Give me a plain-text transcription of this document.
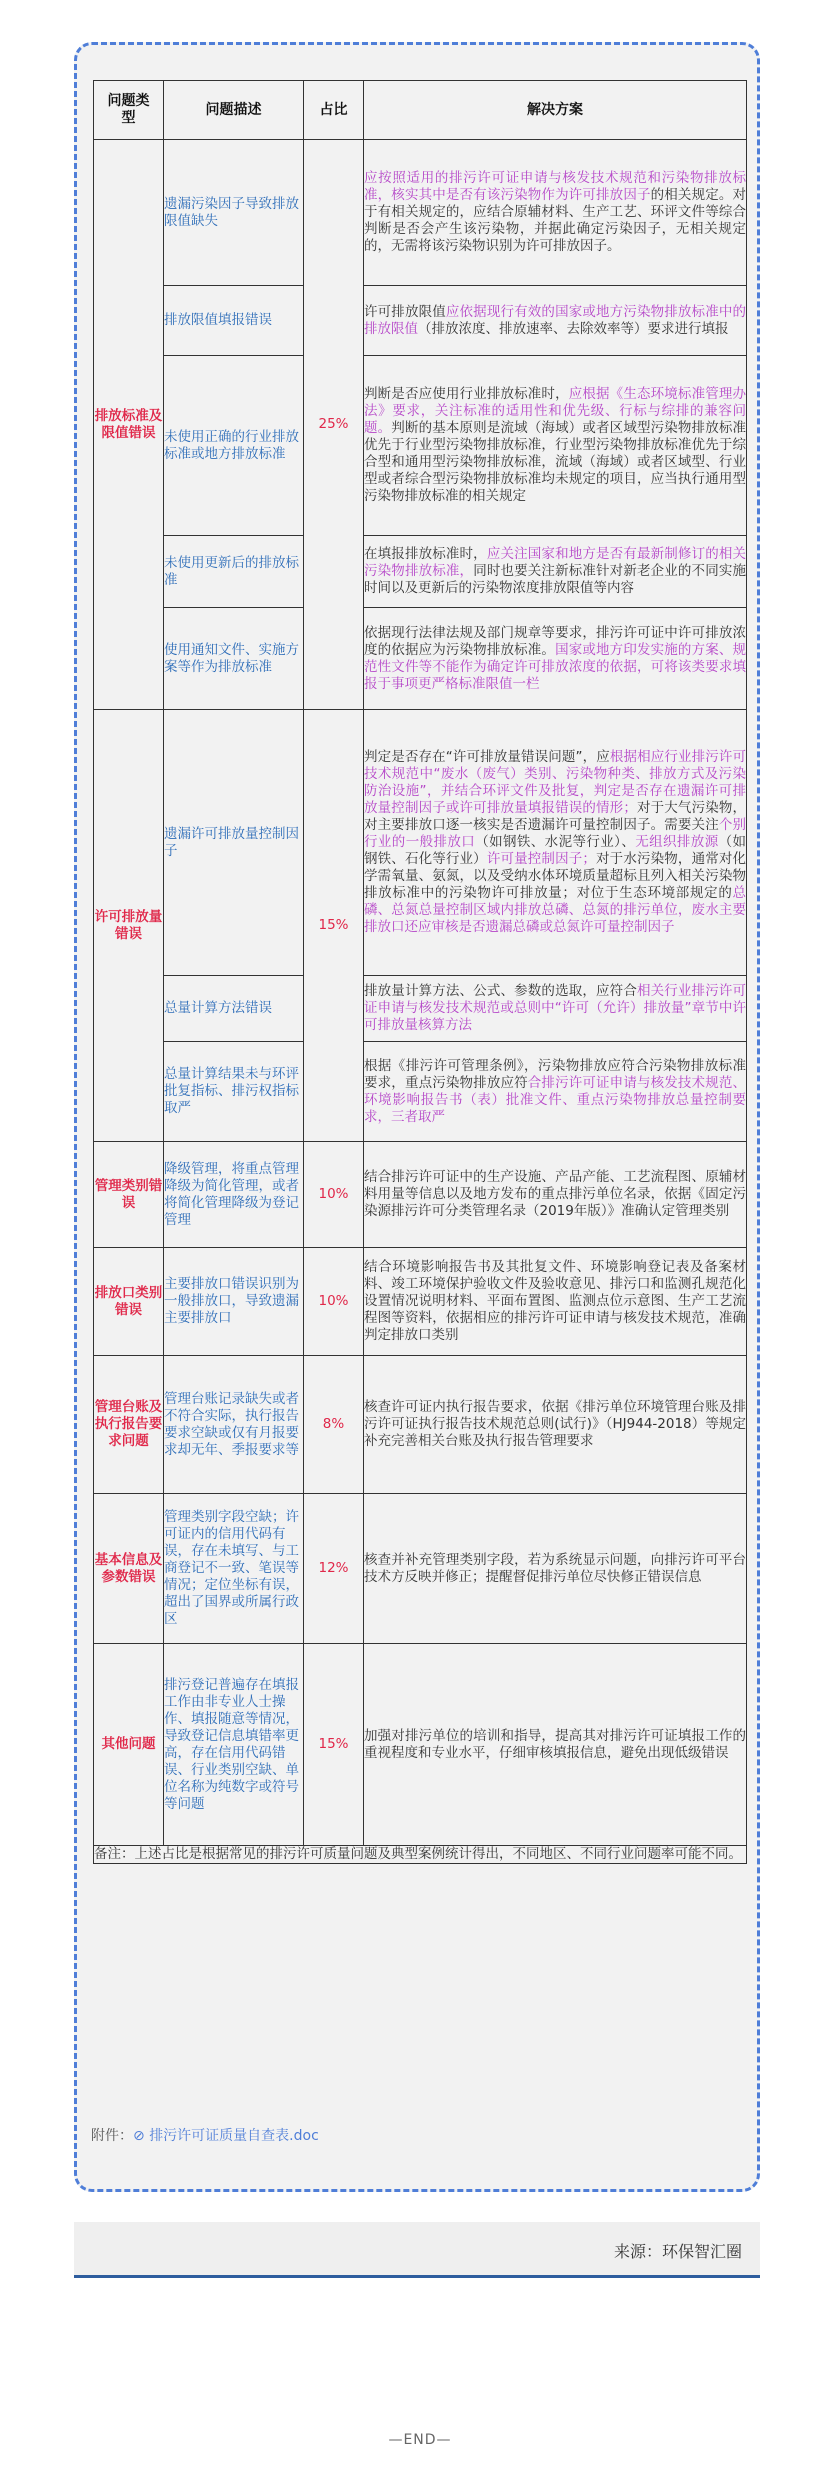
问题类型	问题描述	占比	解决方案
排放标准及限值错误	遗漏污染因子导致排放限值缺失	25%	应按照适用的排污许可证申请与核发技术规范和污染物排放标准，核实其中是否有该污染物作为许可排放因子的相关规定。对于有相关规定的，应结合原辅材料、生产工艺、环评文件等综合判断是否会产生该污染物，并据此确定污染因子，无相关规定的，无需将该污染物识别为许可排放因子。
	排放限值填报错误		许可排放限值应依据现行有效的国家或地方污染物排放标准中的排放限值（排放浓度、排放速率、去除效率等）要求进行填报
	未使用正确的行业排放标准或地方排放标准		判断是否应使用行业排放标准时，应根据《生态环境标准管理办法》要求，关注标准的适用性和优先级、行标与综排的兼容问题。判断的基本原则是流域（海域）或者区域型污染物排放标准优先于行业型污染物排放标准，行业型污染物排放标准优先于综合型和通用型污染物排放标准，流域（海域）或者区域型、行业型或者综合型污染物排放标准均未规定的项目，应当执行通用型污染物排放标准的相关规定
	未使用更新后的排放标准		在填报排放标准时，应关注国家和地方是否有最新制修订的相关污染物排放标准，同时也要关注新标准针对新老企业的不同实施时间以及更新后的污染物浓度排放限值等内容
	使用通知文件、实施方案等作为排放标准		依据现行法律法规及部门规章等要求，排污许可证中许可排放浓度的依据应为污染物排放标准。国家或地方印发实施的方案、规范性文件等不能作为确定许可排放浓度的依据，可将该类要求填报于事项更严格标准限值一栏
许可排放量错误	遗漏许可排放量控制因子	15%	判定是否存在“许可排放量错误问题”，应根据相应行业排污许可技术规范中“废水（废气）类别、污染物种类、排放方式及污染防治设施”，并结合环评文件及批复，判定是否存在遗漏许可排放量控制因子或许可排放量填报错误的情形；对于大气污染物，对主要排放口逐一核实是否遗漏许可量控制因子。需要关注个别行业的一般排放口（如钢铁、水泥等行业）、无组织排放源（如钢铁、石化等行业）许可量控制因子；对于水污染物，通常对化学需氧量、氨氮，以及受纳水体环境质量超标且列入相关污染物排放标准中的污染物许可排放量；对位于生态环境部规定的总磷、总氮总量控制区域内排放总磷、总氮的排污单位，废水主要排放口还应审核是否遗漏总磷或总氮许可量控制因子
	总量计算方法错误		排放量计算方法、公式、参数的选取，应符合相关行业排污许可证申请与核发技术规范或总则中“许可（允许）排放量”章节中许可排放量核算方法
	总量计算结果未与环评批复指标、排污权指标取严		根据《排污许可管理条例》，污染物排放应符合污染物排放标准要求，重点污染物排放应符合排污许可证申请与核发技术规范、环境影响报告书（表）批准文件、重点污染物排放总量控制要求，三者取严
管理类别错误	降级管理，将重点管理降级为简化管理，或者将简化管理降级为登记管理	10%	结合排污许可证中的生产设施、产品产能、工艺流程图、原辅材料用量等信息以及地方发布的重点排污单位名录，依据《固定污染源排污许可分类管理名录（2019年版）》准确认定管理类别
排放口类别错误	主要排放口错误识别为一般排放口，导致遗漏主要排放口	10%	结合环境影响报告书及其批复文件、环境影响登记表及备案材料、竣工环境保护验收文件及验收意见、排污口和监测孔规范化设置情况说明材料、平面布置图、监测点位示意图、生产工艺流程图等资料，依据相应的排污许可证申请与核发技术规范，准确判定排放口类别
管理台账及执行报告要求问题	管理台账记录缺失或者不符合实际，执行报告要求空缺或仅有月报要求却无年、季报要求等	8%	核查许可证内执行报告要求，依据《排污单位环境管理台账及排污许可证执行报告技术规范总则(试行)》（HJ944-2018）等规定补充完善相关台账及执行报告管理要求
基本信息及参数错误	管理类别字段空缺；许可证内的信用代码有误，存在未填写、与工商登记不一致、笔误等情况；定位坐标有误，超出了国界或所属行政区	12%	核查并补充管理类别字段，若为系统显示问题，向排污许可平台技术方反映并修正；提醒督促排污单位尽快修正错误信息
其他问题	排污登记普遍存在填报工作由非专业人士操作、填报随意等情况，导致登记信息填错率更高，存在信用代码错误、行业类别空缺、单位名称为纯数字或符号等问题	15%	加强对排污单位的培训和指导，提高其对排污许可证填报工作的重视程度和专业水平，仔细审核填报信息，避免出现低级错误
备注：上述占比是根据常见的排污许可质量问题及典型案例统计得出，不同地区、不同行业问题率可能不同。			
附件：⊘ 排污许可证质量自查表.doc
来源：环保智汇圈
—END—
